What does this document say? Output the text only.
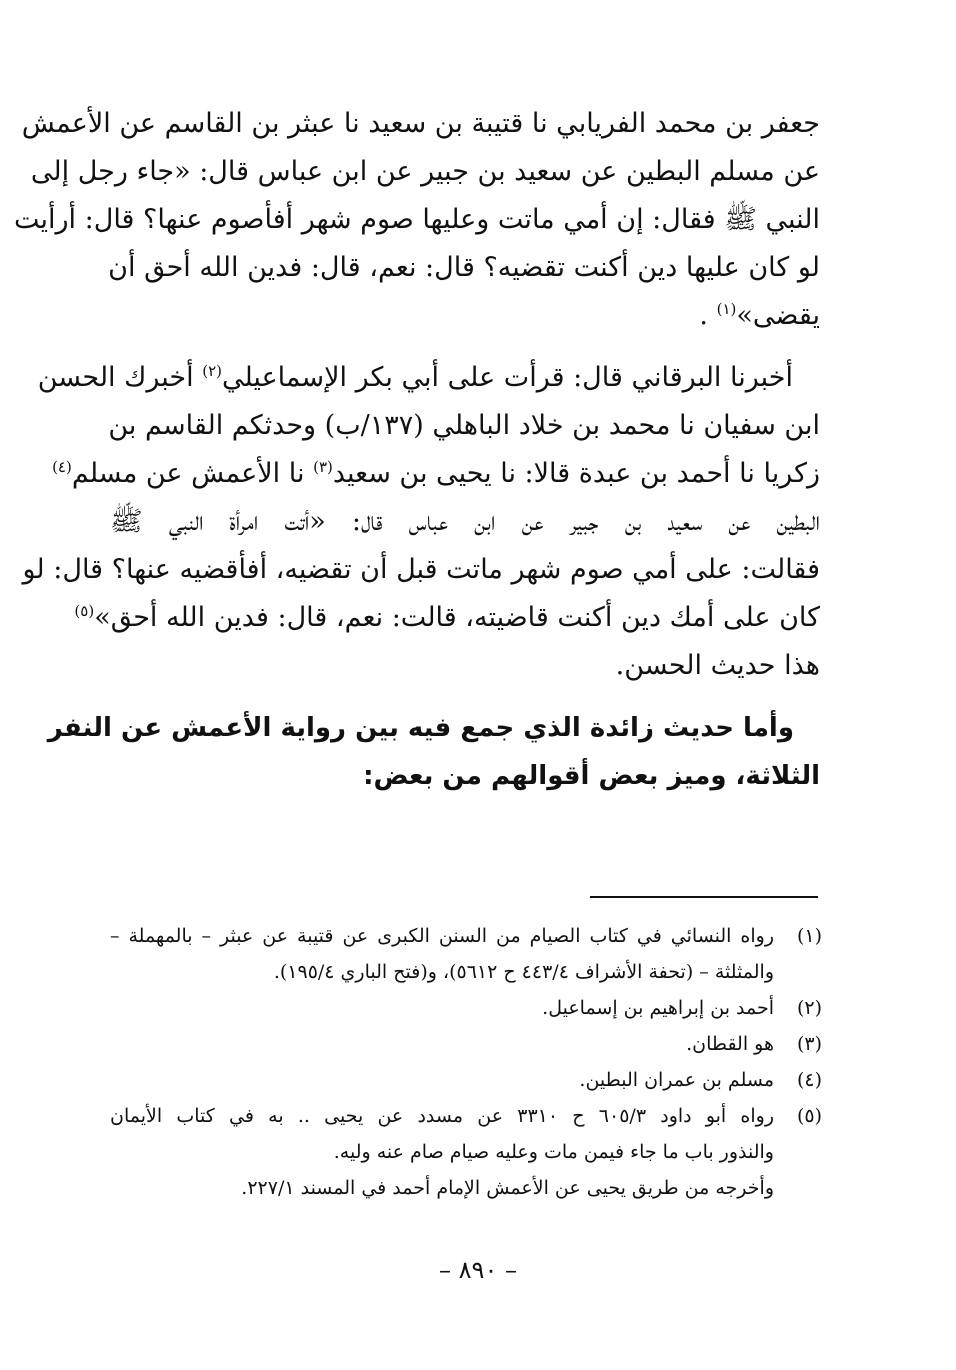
جعفر بن محمد الفريابي نا قتيبة بن سعيد نا عبثر بن القاسم عن الأعمش
عن مسلم البطين عن سعيد بن جبير عن ابن عباس قال: «جاء رجل إلى
النبي ﷺ فقال: إن أمي ماتت وعليها صوم شهر أفأصوم عنها؟ قال: أرأيت
لو كان عليها دين أكنت تقضيه؟ قال: نعم، قال: فدين الله أحق أن
يقضى»$^{(١)}$ .
 أخبرنا البرقاني قال: قرأت على أبي بكر الإسماعيلي$^{(٢)}$ أخبرك الحسن
ابن سفيان نا محمد بن خلاد الباهلي (١٣٧/ب) وحدثكم القاسم بن
زكريا نا أحمد بن عبدة قالا: نا يحيى بن سعيد$^{(٣)}$ نا الأعمش عن مسلم$^{(٤)}$
البطين عن سعيد بن جبير عن ابن عباس قال: «أتت امرأة النبي ﷺ
فقالت: على أمي صوم شهر ماتت قبل أن تقضيه، أفأقضيه عنها؟ قال: لو
كان على أمك دين أكنت قاضيته، قالت: نعم، قال: فدين الله أحق»$^{(٥)}$
هذا حديث الحسن.
 وأما حديث زائدة الذي جمع فيه بين رواية الأعمش عن النفر
الثلاثة، وميز بعض أقوالهم من بعض:
(١)
رواه النسائي في كتاب الصيام من السنن الكبرى عن قتيبة عن عبثر – بالمهملة –
والمثلثة – (تحفة الأشراف ٤٤٣/٤ ح ٥٦١٢)، و(فتح الباري ١٩٥/٤).
(٢)
أحمد بن إبراهيم بن إسماعيل.
(٣)
هو القطان.
(٤)
مسلم بن عمران البطين.
(٥)
رواه أبو داود ٦٠٥/٣ ح ٣٣١٠ عن مسدد عن يحيى .. به في كتاب الأيمان
والنذور باب ما جاء فيمن مات وعليه صيام صام عنه وليه.
وأخرجه من طريق يحيى عن الأعمش الإمام أحمد في المسند ٢٢٧/١.
– ٨٩٠ –
